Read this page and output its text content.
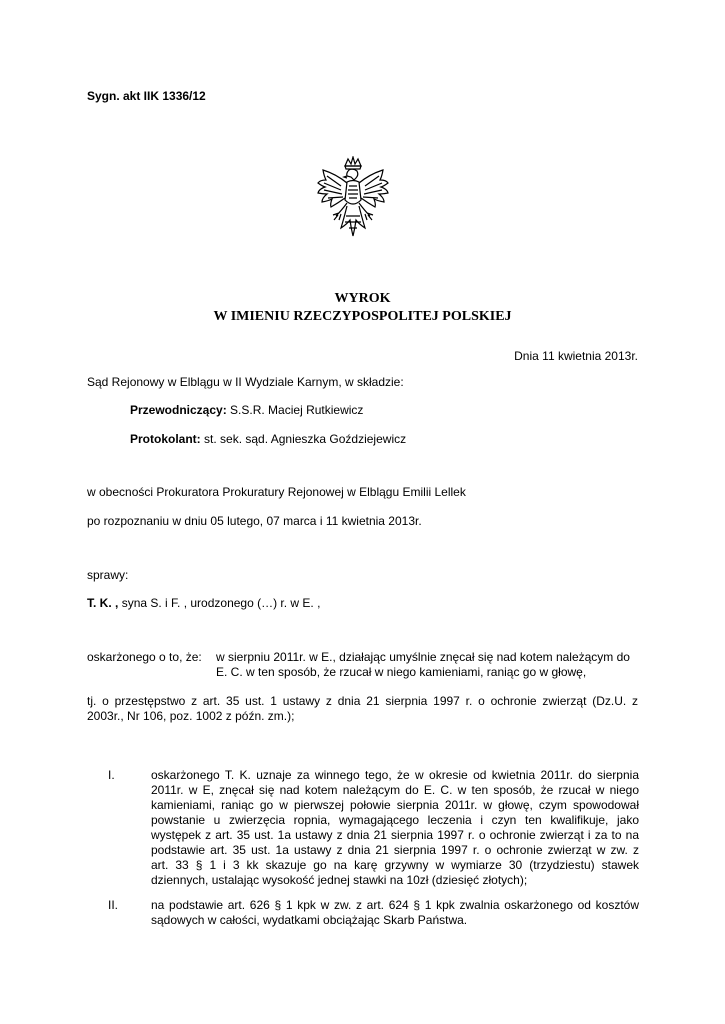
Sygn. akt IIK 1336/12
WYROK
W IMIENIU RZECZYPOSPOLITEJ POLSKIEJ
Dnia 11 kwietnia 2013r.
Sąd Rejonowy w Elblągu w II Wydziale Karnym, w składzie:
Przewodniczący: S.S.R. Maciej Rutkiewicz
Protokolant: st. sek. sąd. Agnieszka Goździejewicz
w obecności Prokuratora Prokuratury Rejonowej w Elblągu Emilii Lellek
po rozpoznaniu w dniu 05 lutego, 07 marca i 11 kwietnia 2013r.
sprawy:
T. K. , syna S. i F. , urodzonego (…) r. w E. ,
oskarżonego o to, że: w sierpniu 2011r. w E., działając umyślnie znęcał się nad kotem należącym do
E. C. w ten sposób, że rzucał w niego kamieniami, raniąc go w głowę,
tj. o przestępstwo z art. 35 ust. 1 ustawy z dnia 21 sierpnia 1997 r. o ochronie zwierząt (Dz.U. z
2003r., Nr 106, poz. 1002 z późn. zm.);
I.	oskarżonego T. K. uznaje za winnego tego, że w okresie od kwietnia 2011r. do sierpnia
2011r. w E, znęcał się nad kotem należącym do E. C. w ten sposób, że rzucał w niego
kamieniami, raniąc go w pierwszej połowie sierpnia 2011r. w głowę, czym spowodował
powstanie u zwierzęcia ropnia, wymagającego leczenia i czyn ten kwalifikuje, jako
występek z art. 35 ust. 1a ustawy z dnia 21 sierpnia 1997 r. o ochronie zwierząt i za to na
podstawie art. 35 ust. 1a ustawy z dnia 21 sierpnia 1997 r. o ochronie zwierząt w zw. z
art. 33 § 1 i 3 kk skazuje go na karę grzywny w wymiarze 30 (trzydziestu) stawek
dziennych, ustalając wysokość jednej stawki na 10zł (dziesięć złotych);
II.	na podstawie art. 626 § 1 kpk w zw. z art. 624 § 1 kpk zwalnia oskarżonego od kosztów
sądowych w całości, wydatkami obciążając Skarb Państwa.
